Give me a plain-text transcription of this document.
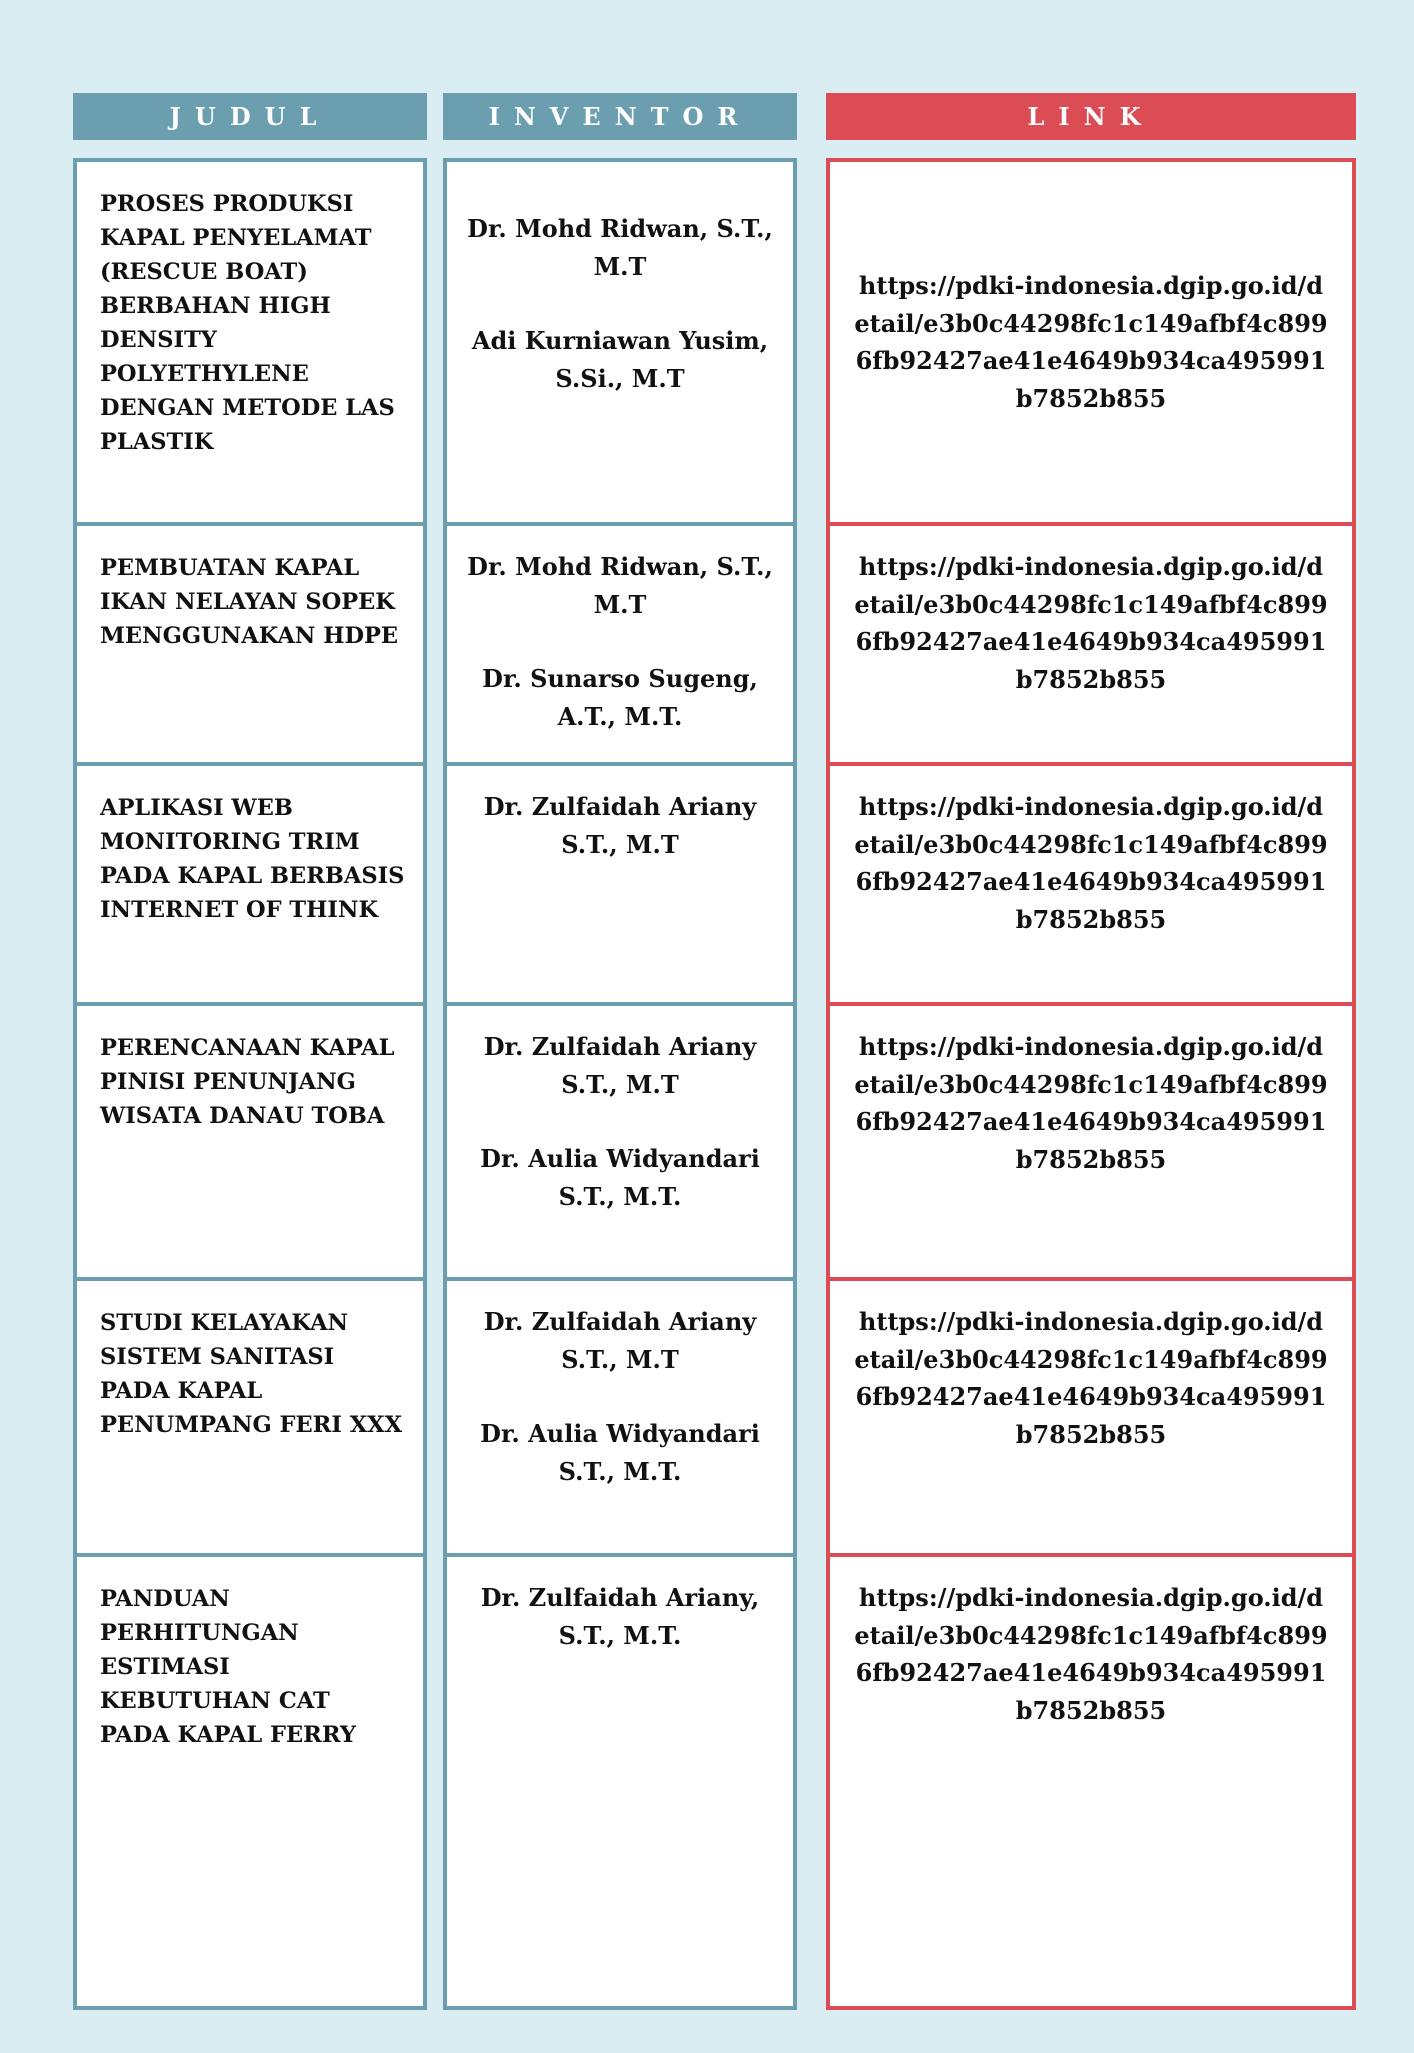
JUDUL	INVENTOR	LINK
PROSES PRODUKSI KAPAL PENYELAMAT (RESCUE BOAT) BERBAHAN HIGH DENSITY POLYETHYLENE DENGAN METODE LAS PLASTIK
PEMBUATAN KAPAL IKAN NELAYAN SOPEK MENGGUNAKAN HDPE
APLIKASI WEB MONITORING TRIM PADA KAPAL BERBASIS INTERNET OF THINK
PERENCANAAN KAPAL PINISI PENUNJANG WISATA DANAU TOBA
STUDI KELAYAKAN SISTEM SANITASI PADA KAPAL PENUMPANG FERI XXX
PANDUAN PERHITUNGAN ESTIMASI KEBUTUHAN CAT PADA KAPAL FERRY

Dr. Mohd Ridwan, S.T., M.T

Adi Kurniawan Yusim, S.Si., M.T

Dr. Mohd Ridwan, S.T., M.T

Dr. Sunarso Sugeng, A.T., M.T.

Dr. Zulfaidah Ariany S.T., M.T

Dr. Zulfaidah Ariany S.T., M.T

Dr. Aulia Widyandari S.T., M.T.

Dr. Zulfaidah Ariany S.T., M.T

Dr. Aulia Widyandari S.T., M.T.

Dr. Zulfaidah Ariany, S.T., M.T.

https://pdki-indonesia.dgip.go.id/detail/e3b0c44298fc1c149afbf4c8996fb92427ae41e4649b934ca495991b7852b855
https://pdki-indonesia.dgip.go.id/detail/e3b0c44298fc1c149afbf4c8996fb92427ae41e4649b934ca495991b7852b855
https://pdki-indonesia.dgip.go.id/detail/e3b0c44298fc1c149afbf4c8996fb92427ae41e4649b934ca495991b7852b855
https://pdki-indonesia.dgip.go.id/detail/e3b0c44298fc1c149afbf4c8996fb92427ae41e4649b934ca495991b7852b855
https://pdki-indonesia.dgip.go.id/detail/e3b0c44298fc1c149afbf4c8996fb92427ae41e4649b934ca495991b7852b855
https://pdki-indonesia.dgip.go.id/detail/e3b0c44298fc1c149afbf4c8996fb92427ae41e4649b934ca495991b7852b855
